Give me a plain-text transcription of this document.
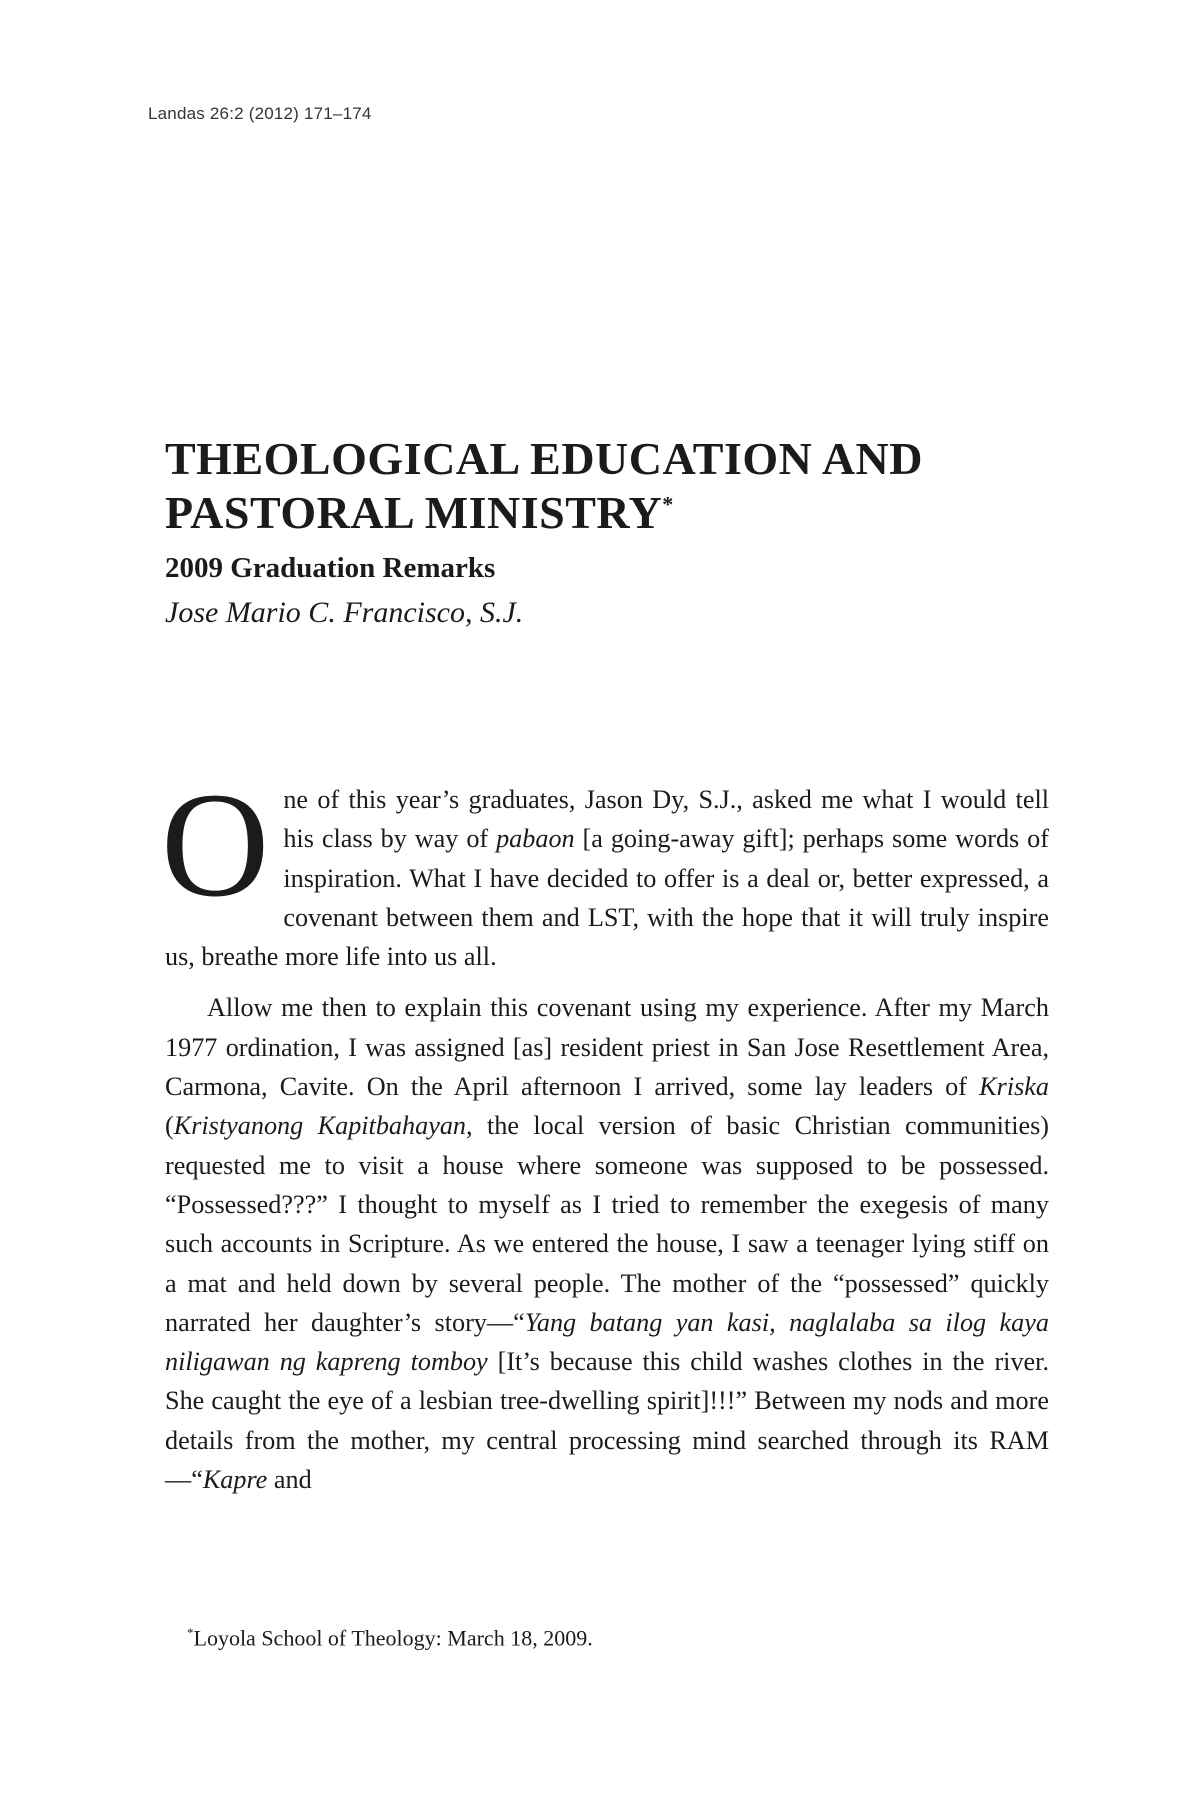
Landas 26:2 (2012) 171–174
THEOLOGICAL EDUCATION AND
PASTORAL MINISTRY*
2009 Graduation Remarks
Jose Mario C. Francisco, S.J.

One of this year’s graduates, Jason Dy, S.J., asked me what I would tell his class by way of pabaon [a going-away gift]; perhaps some words of inspiration. What I have decided to offer is a deal or, better expressed, a covenant between them and LST, with the hope that it will truly inspire us, breathe more life into us all.

Allow me then to explain this covenant using my experience. After my March 1977 ordination, I was assigned [as] resident priest in San Jose Resettlement Area, Carmona, Cavite. On the April afternoon I arrived, some lay leaders of Kriska (Kristyanong Kapitbahayan, the local version of basic Christian communities) requested me to visit a house where someone was supposed to be possessed. “Possessed???” I thought to myself as I tried to remember the exegesis of many such accounts in Scripture. As we entered the house, I saw a teenager lying stiff on a mat and held down by several people. The mother of the “possessed” quickly narrated her daughter’s story—“Yang batang yan kasi, naglalaba sa ilog kaya niligawan ng kapreng tomboy [It’s because this child washes clothes in the river. She caught the eye of a lesbian tree-dwelling spirit]!!!” Between my nods and more details from the mother, my central processing mind searched through its RAM—“Kapre and

*Loyola School of Theology: March 18, 2009.
